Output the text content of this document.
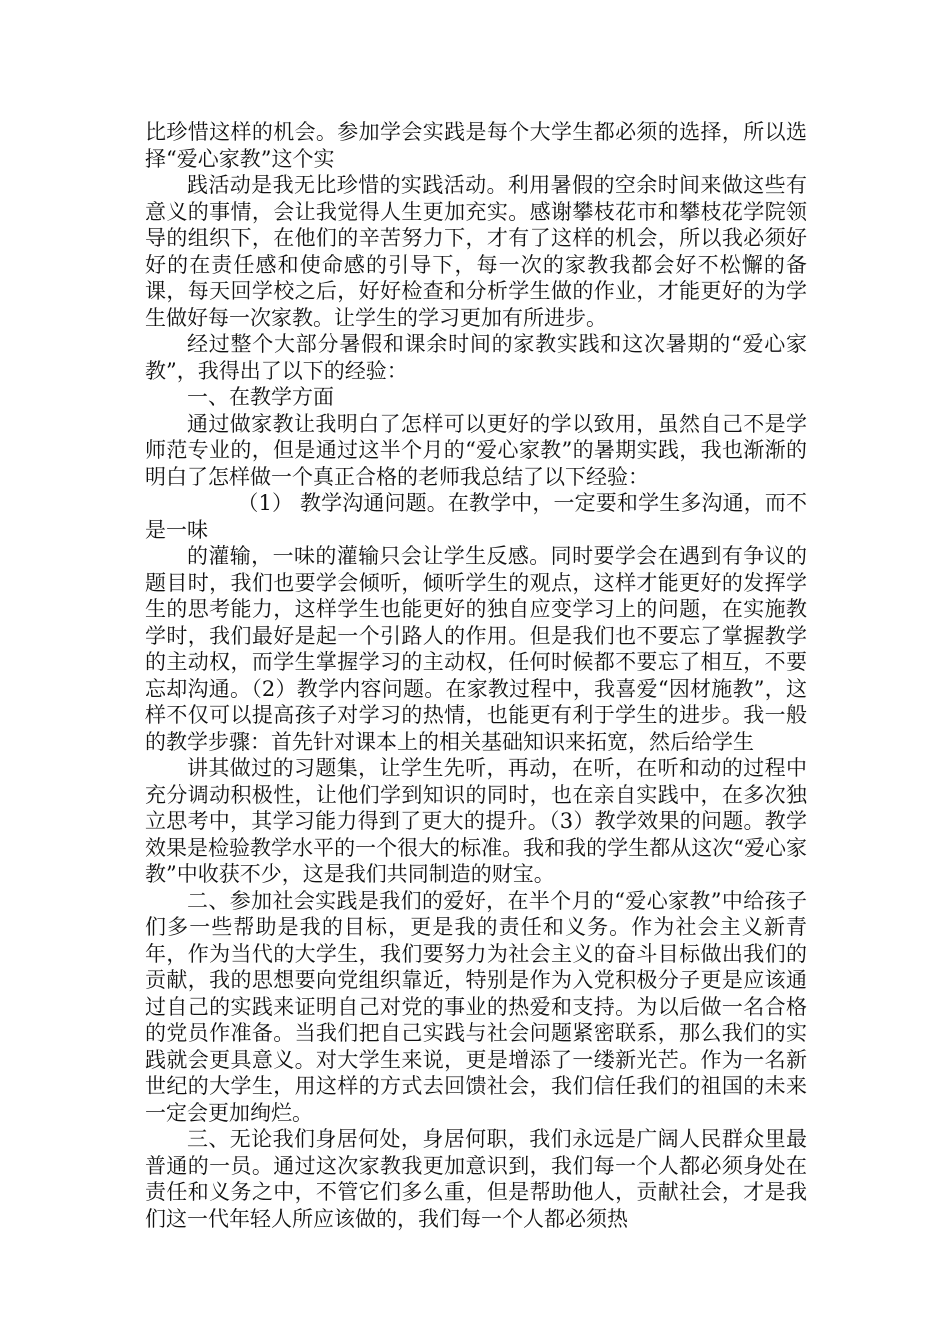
比珍惜这样的机会。参加学会实践是每个大学生都必须的选择，所以选择“爱心家教”这个实

践活动是我无比珍惜的实践活动。利用暑假的空余时间来做这些有意义的事情，会让我觉得人生更加充实。感谢攀枝花市和攀枝花学院领导的组织下，在他们的辛苦努力下，才有了这样的机会，所以我必须好好的在责任感和使命感的引导下，每一次的家教我都会好不松懈的备课，每天回学校之后，好好检查和分析学生做的作业，才能更好的为学生做好每一次家教。让学生的学习更加有所进步。

经过整个大部分暑假和课余时间的家教实践和这次暑期的“爱心家教”，我得出了以下的经验：

一、在教学方面

通过做家教让我明白了怎样可以更好的学以致用，虽然自己不是学师范专业的，但是通过这半个月的“爱心家教”的暑期实践，我也渐渐的明白了怎样做一个真正合格的老师我总结了以下经验：

（1） 教学沟通问题。在教学中，一定要和学生多沟通，而不是一味

的灌输，一味的灌输只会让学生反感。同时要学会在遇到有争议的题目时，我们也要学会倾听，倾听学生的观点，这样才能更好的发挥学生的思考能力，这样学生也能更好的独自应变学习上的问题，在实施教学时，我们最好是起一个引路人的作用。但是我们也不要忘了掌握教学的主动权，而学生掌握学习的主动权，任何时候都不要忘了相互，不要忘却沟通。（2）教学内容问题。在家教过程中，我喜爱“因材施教”，这样不仅可以提高孩子对学习的热情，也能更有利于学生的进步。我一般的教学步骤：首先针对课本上的相关基础知识来拓宽，然后给学生

讲其做过的习题集，让学生先听，再动，在听，在听和动的过程中充分调动积极性，让他们学到知识的同时，也在亲自实践中，在多次独立思考中，其学习能力得到了更大的提升。（3）教学效果的问题。教学效果是检验教学水平的一个很大的标准。我和我的学生都从这次“爱心家教”中收获不少，这是我们共同制造的财宝。

二、参加社会实践是我们的爱好，在半个月的“爱心家教”中给孩子们多一些帮助是我的目标，更是我的责任和义务。作为社会主义新青年，作为当代的大学生，我们要努力为社会主义的奋斗目标做出我们的贡献，我的思想要向党组织靠近，特别是作为入党积极分子更是应该通过自己的实践来证明自己对党的事业的热爱和支持。为以后做一名合格的党员作准备。当我们把自己实践与社会问题紧密联系，那么我们的实践就会更具意义。对大学生来说，更是增添了一缕新光芒。作为一名新世纪的大学生，用这样的方式去回馈社会，我们信任我们的祖国的未来一定会更加绚烂。

三、无论我们身居何处，身居何职，我们永远是广阔人民群众里最普通的一员。通过这次家教我更加意识到，我们每一个人都必须身处在责任和义务之中，不管它们多么重，但是帮助他人，贡献社会，才是我们这一代年轻人所应该做的，我们每一个人都必须热
